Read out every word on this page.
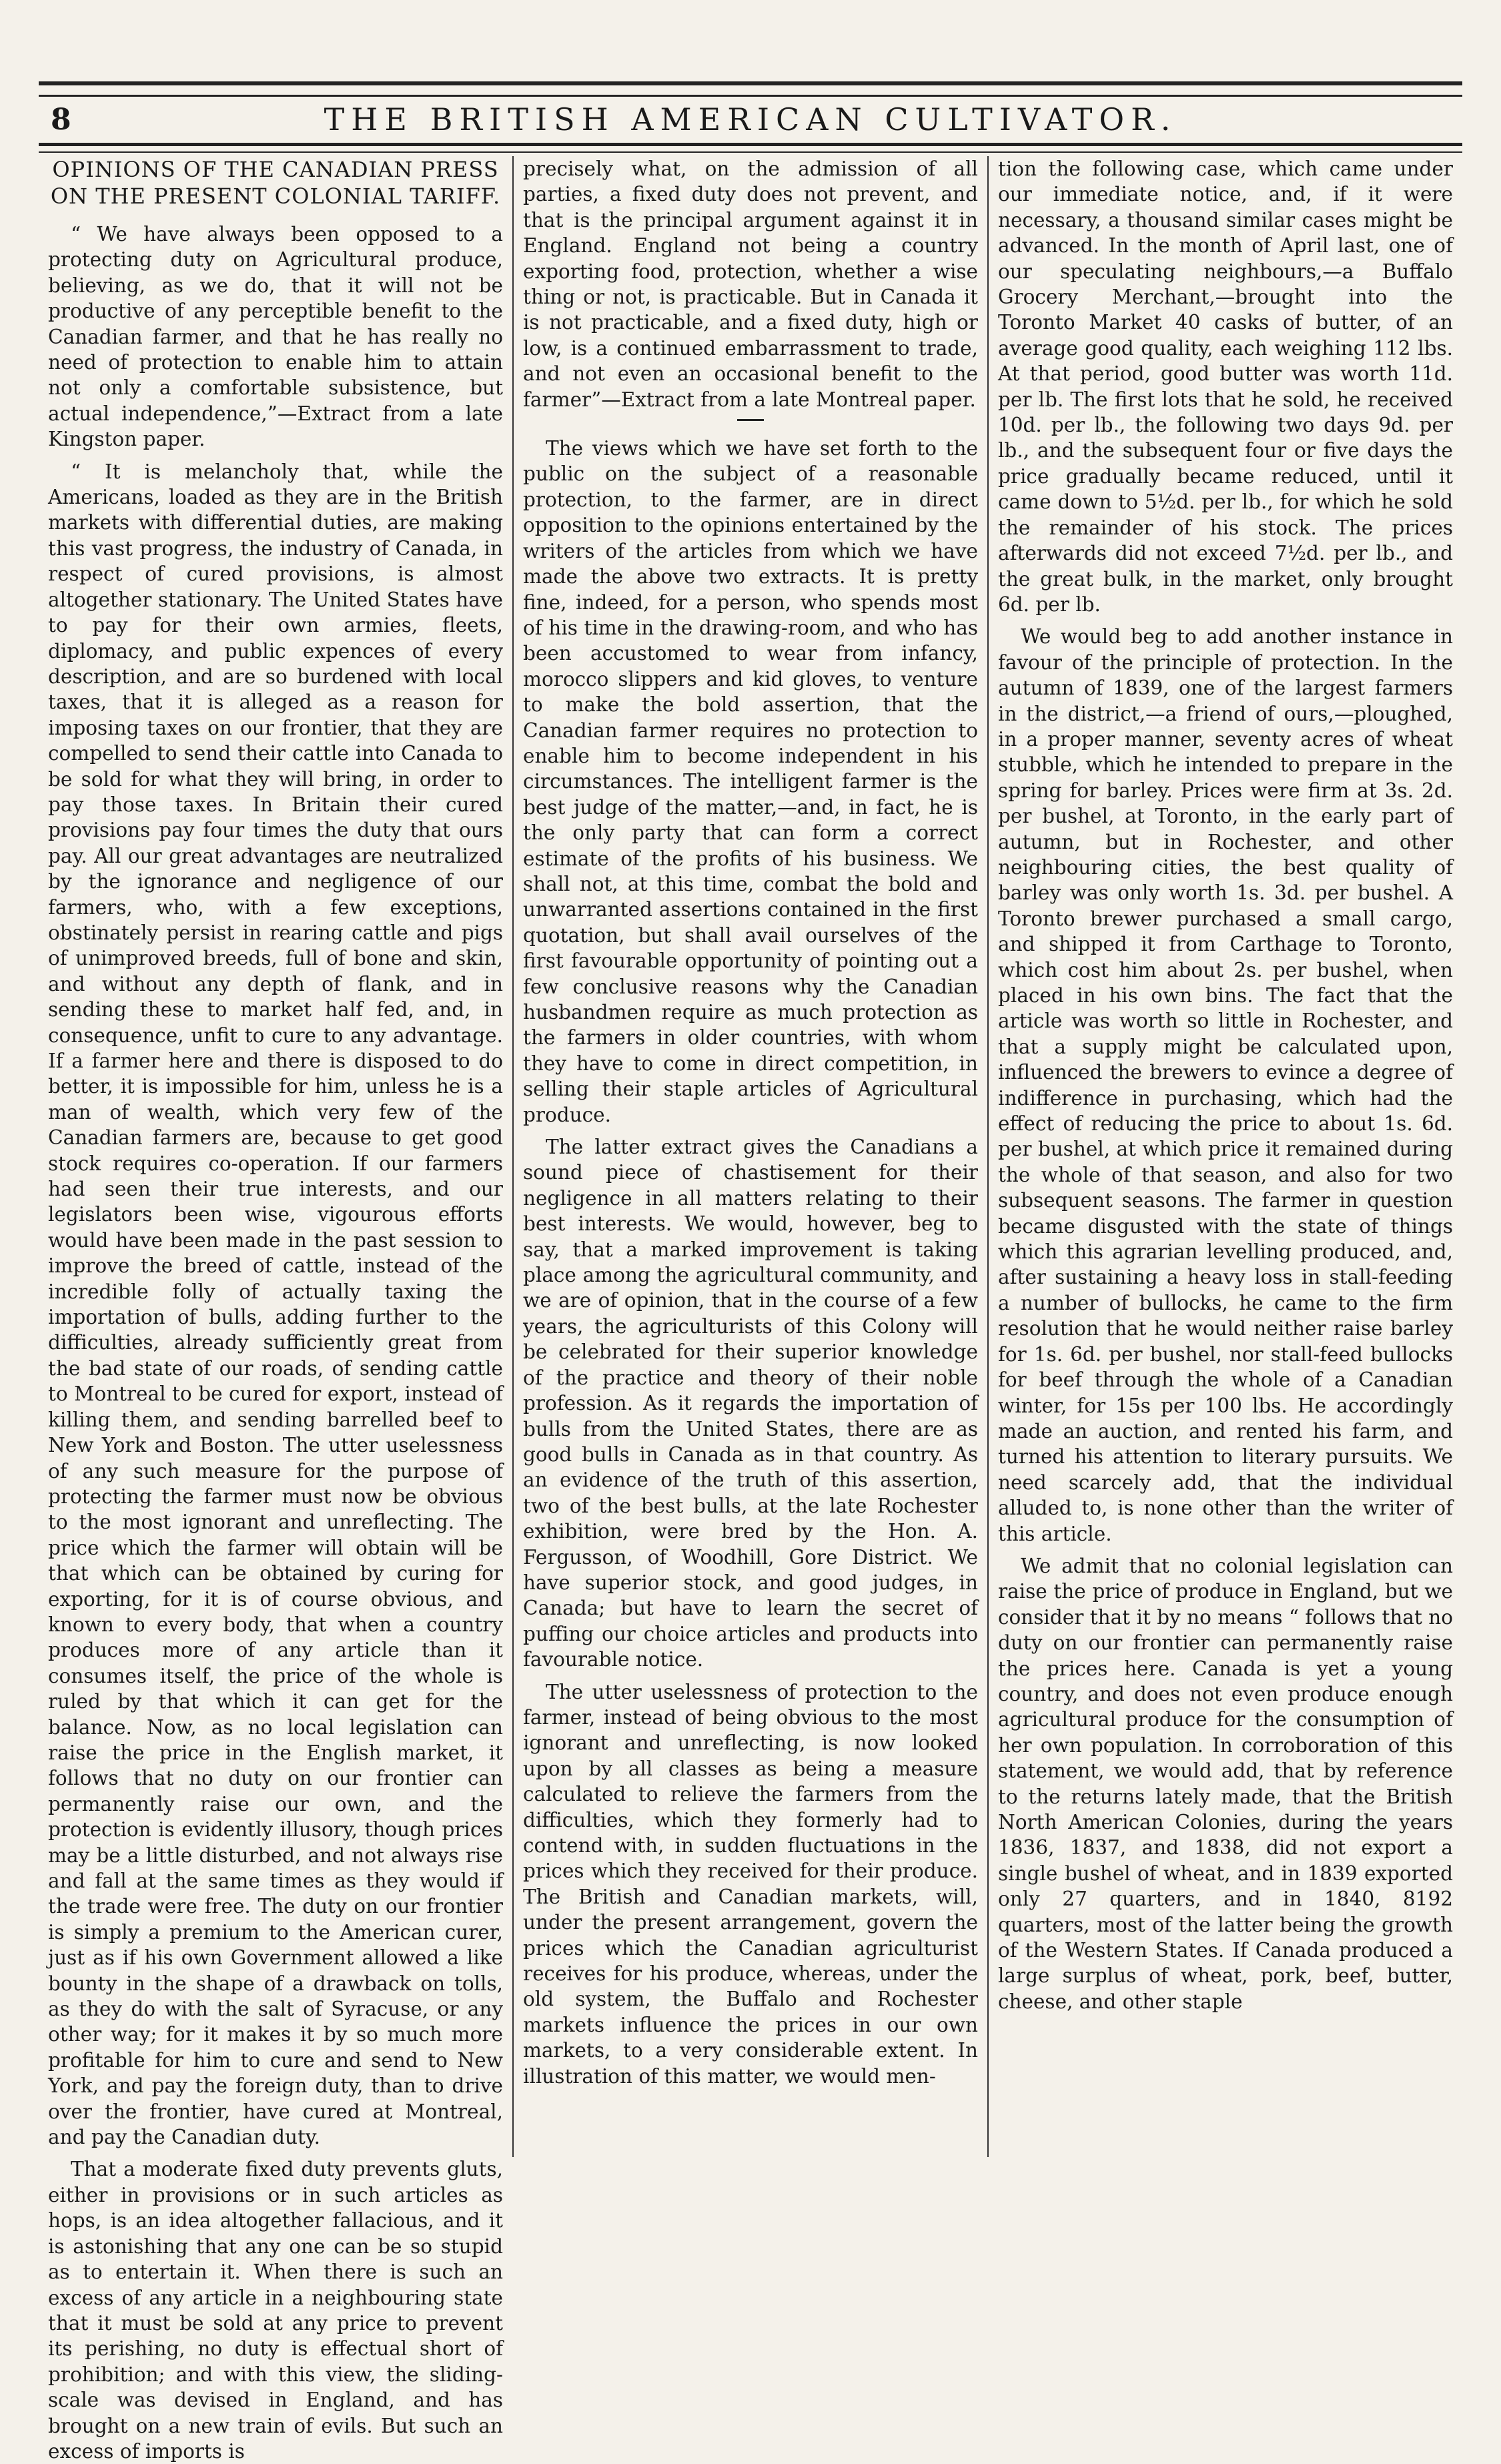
8	THE BRITISH AMERICAN CULTIVATOR.
OPINIONS OF THE CANADIAN PRESS ON THE PRESENT COLONIAL TARIFF.

“ We have always been opposed to a protecting duty on Agricultural produce, believing, as we do, that it will not be productive of any perceptible benefit to the Canadian farmer, and that he has really no need of protection to enable him to attain not only a comfortable subsistence, but actual independence,”—Extract from a late Kingston paper.

“ It is melancholy that, while the Americans, loaded as they are in the British markets with differential duties, are making this vast progress, the industry of Canada, in respect of cured provisions, is almost altogether stationary. The United States have to pay for their own armies, fleets, diplomacy, and public expences of every description, and are so burdened with local taxes, that it is alleged as a reason for imposing taxes on our frontier, that they are compelled to send their cattle into Canada to be sold for what they will bring, in order to pay those taxes. In Britain their cured provisions pay four times the duty that ours pay. All our great advantages are neutralized by the ignorance and negligence of our farmers, who, with a few exceptions, obstinately persist in rearing cattle and pigs of unimproved breeds, full of bone and skin, and without any depth of flank, and in sending these to market half fed, and, in consequence, unfit to cure to any advantage. If a farmer here and there is disposed to do better, it is impossible for him, unless he is a man of wealth, which very few of the Canadian farmers are, because to get good stock requires co-operation. If our farmers had seen their true interests, and our legislators been wise, vigourous efforts would have been made in the past session to improve the breed of cattle, instead of the incredible folly of actually taxing the importation of bulls, adding further to the difficulties, already sufficiently great from the bad state of our roads, of sending cattle to Montreal to be cured for export, instead of killing them, and sending barrelled beef to New York and Boston. The utter uselessness of any such measure for the purpose of protecting the farmer must now be obvious to the most ignorant and unreflecting. The price which the farmer will obtain will be that which can be obtained by curing for exporting, for it is of course obvious, and known to every body, that when a country produces more of any article than it consumes itself, the price of the whole is ruled by that which it can get for the balance. Now, as no local legislation can raise the price in the English market, it follows that no duty on our frontier can permanently raise our own, and the protection is evidently illusory, though prices may be a little disturbed, and not always rise and fall at the same times as they would if the trade were free. The duty on our frontier is simply a premium to the American curer, just as if his own Government allowed a like bounty in the shape of a drawback on tolls, as they do with the salt of Syracuse, or any other way; for it makes it by so much more profitable for him to cure and send to New York, and pay the foreign duty, than to drive over the frontier, have cured at Montreal, and pay the Canadian duty.

That a moderate fixed duty prevents gluts, either in provisions or in such articles as hops, is an idea altogether fallacious, and it is astonishing that any one can be so stupid as to entertain it. When there is such an excess of any article in a neighbouring state that it must be sold at any price to prevent its perishing, no duty is effectual short of prohibition; and with this view, the sliding-scale was devised in England, and has brought on a new train of evils. But such an excess of imports is

precisely what, on the admission of all parties, a fixed duty does not prevent, and that is the principal argument against it in England. England not being a country exporting food, protection, whether a wise thing or not, is practicable. But in Canada it is not practicable, and a fixed duty, high or low, is a continued embarrassment to trade, and not even an occasional benefit to the farmer”—Extract from a late Montreal paper.

The views which we have set forth to the public on the subject of a reasonable protection, to the farmer, are in direct opposition to the opinions entertained by the writers of the articles from which we have made the above two extracts. It is pretty fine, indeed, for a person, who spends most of his time in the drawing-room, and who has been accustomed to wear from infancy, morocco slippers and kid gloves, to venture to make the bold assertion, that the Canadian farmer requires no protection to enable him to become independent in his circumstances. The intelligent farmer is the best judge of the matter,—and, in fact, he is the only party that can form a correct estimate of the profits of his business. We shall not, at this time, combat the bold and unwarranted assertions contained in the first quotation, but shall avail ourselves of the first favourable opportunity of pointing out a few conclusive reasons why the Canadian husbandmen require as much protection as the farmers in older countries, with whom they have to come in direct competition, in selling their staple articles of Agricultural produce.

The latter extract gives the Canadians a sound piece of chastisement for their negligence in all matters relating to their best interests. We would, however, beg to say, that a marked improvement is taking place among the agricultural community, and we are of opinion, that in the course of a few years, the agriculturists of this Colony will be celebrated for their superior knowledge of the practice and theory of their noble profession. As it regards the importation of bulls from the United States, there are as good bulls in Canada as in that country. As an evidence of the truth of this assertion, two of the best bulls, at the late Rochester exhibition, were bred by the Hon. A. Fergusson, of Woodhill, Gore District. We have superior stock, and good judges, in Canada; but have to learn the secret of puffing our choice articles and products into favourable notice.

The utter uselessness of protection to the farmer, instead of being obvious to the most ignorant and unreflecting, is now looked upon by all classes as being a measure calculated to relieve the farmers from the difficulties, which they formerly had to contend with, in sudden fluctuations in the prices which they received for their produce. The British and Canadian markets, will, under the present arrangement, govern the prices which the Canadian agriculturist receives for his produce, whereas, under the old system, the Buffalo and Rochester markets influence the prices in our own markets, to a very considerable extent. In illustration of this matter, we would men-

tion the following case, which came under our immediate notice, and, if it were necessary, a thousand similar cases might be advanced. In the month of April last, one of our speculating neighbours,—a Buffalo Grocery Merchant,—brought into the Toronto Market 40 casks of butter, of an average good quality, each weighing 112 lbs. At that period, good butter was worth 11d. per lb. The first lots that he sold, he received 10d. per lb., the following two days 9d. per lb., and the subsequent four or five days the price gradually became reduced, until it came down to 5½d. per lb., for which he sold the remainder of his stock. The prices afterwards did not exceed 7½d. per lb., and the great bulk, in the market, only brought 6d. per lb.

We would beg to add another instance in favour of the principle of protection. In the autumn of 1839, one of the largest farmers in the district,—a friend of ours,—ploughed, in a proper manner, seventy acres of wheat stubble, which he intended to prepare in the spring for barley. Prices were firm at 3s. 2d. per bushel, at Toronto, in the early part of autumn, but in Rochester, and other neighbouring cities, the best quality of barley was only worth 1s. 3d. per bushel. A Toronto brewer purchased a small cargo, and shipped it from Carthage to Toronto, which cost him about 2s. per bushel, when placed in his own bins. The fact that the article was worth so little in Rochester, and that a supply might be calculated upon, influenced the brewers to evince a degree of indifference in purchasing, which had the effect of reducing the price to about 1s. 6d. per bushel, at which price it remained during the whole of that season, and also for two subsequent seasons. The farmer in question became disgusted with the state of things which this agrarian levelling produced, and, after sustaining a heavy loss in stall-feeding a number of bullocks, he came to the firm resolution that he would neither raise barley for 1s. 6d. per bushel, nor stall-feed bullocks for beef through the whole of a Canadian winter, for 15s per 100 lbs. He accordingly made an auction, and rented his farm, and turned his attention to literary pursuits. We need scarcely add, that the individual alluded to, is none other than the writer of this article.

We admit that no colonial legislation can raise the price of produce in England, but we consider that it by no means “ follows that no duty on our frontier can permanently raise the prices here. Canada is yet a young country, and does not even produce enough agricultural produce for the consumption of her own population. In corroboration of this statement, we would add, that by reference to the returns lately made, that the British North American Colonies, during the years 1836, 1837, and 1838, did not export a single bushel of wheat, and in 1839 exported only 27 quarters, and in 1840, 8192 quarters, most of the latter being the growth of the Western States. If Canada produced a large surplus of wheat, pork, beef, butter, cheese, and other staple
